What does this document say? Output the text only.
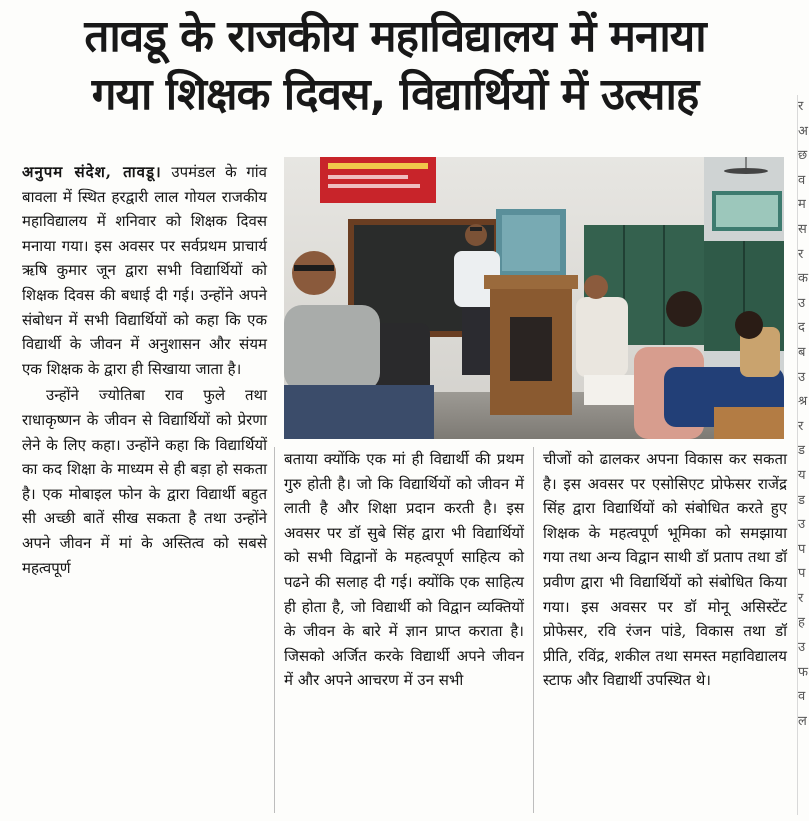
तावडू के राजकीय महाविद्यालय में मनाया
गया शिक्षक दिवस, विद्यार्थियों में उत्साह

अनुपम संदेश, तावडू। उपमंडल के गांव बावला में स्थित हरद्वारी लाल गोयल राजकीय महाविद्यालय में शनिवार को शिक्षक दिवस मनाया गया। इस अवसर पर सर्वप्रथम प्राचार्य ऋषि कुमार जून द्वारा सभी विद्यार्थियों को शिक्षक दिवस की बधाई दी गई। उन्होंने अपने संबोधन में सभी विद्यार्थियों को कहा कि एक विद्यार्थी के जीवन में अनुशासन और संयम एक शिक्षक के द्वारा ही सिखाया जाता है।

उन्होंने ज्योतिबा राव फुले तथा राधाकृष्णन के जीवन से विद्यार्थियों को प्रेरणा लेने के लिए कहा। उन्होंने कहा कि विद्यार्थियों का कद शिक्षा के माध्यम से ही बड़ा हो सकता है। एक मोबाइल फोन के द्वारा विद्यार्थी बहुत सी अच्छी बातें सीख सकता है तथा उन्होंने अपने जीवन में मां के अस्तित्व को सबसे महत्वपूर्ण

बताया क्योंकि एक मां ही विद्यार्थी की प्रथम गुरु होती है। जो कि विद्यार्थियों को जीवन में लाती है और शिक्षा प्रदान करती है। इस अवसर पर डॉ सुबे सिंह द्वारा भी विद्यार्थियों को सभी विद्वानों के महत्वपूर्ण साहित्य को पढने की सलाह दी गई। क्योंकि एक साहित्य ही होता है, जो विद्यार्थी को विद्वान व्यक्तियों के जीवन के बारे में ज्ञान प्राप्त कराता है। जिसको अर्जित करके विद्यार्थी अपने जीवन में और अपने आचरण में उन सभी

चीजों को ढालकर अपना विकास कर सकता है। इस अवसर पर एसोसिएट प्रोफेसर राजेंद्र सिंह द्वारा विद्यार्थियों को संबोधित करते हुए शिक्षक के महत्वपूर्ण भूमिका को समझाया गया तथा अन्य विद्वान साथी डॉ प्रताप तथा डॉ प्रवीण द्वारा भी विद्यार्थियों को संबोधित किया गया। इस अवसर पर डॉ मोनू असिस्टेंट प्रोफेसर, रवि रंजन पांडे, विकास तथा डॉ प्रीति, रविंद्र, शकील तथा समस्त महाविद्यालय स्टाफ और विद्यार्थी उपस्थित थे।

र
अ
छ
व
म
स
र
क
उ
द
ब
उ
श्र
र
ड
य
ड
उ
प
प
र
ह
उ
फ
व
ल
